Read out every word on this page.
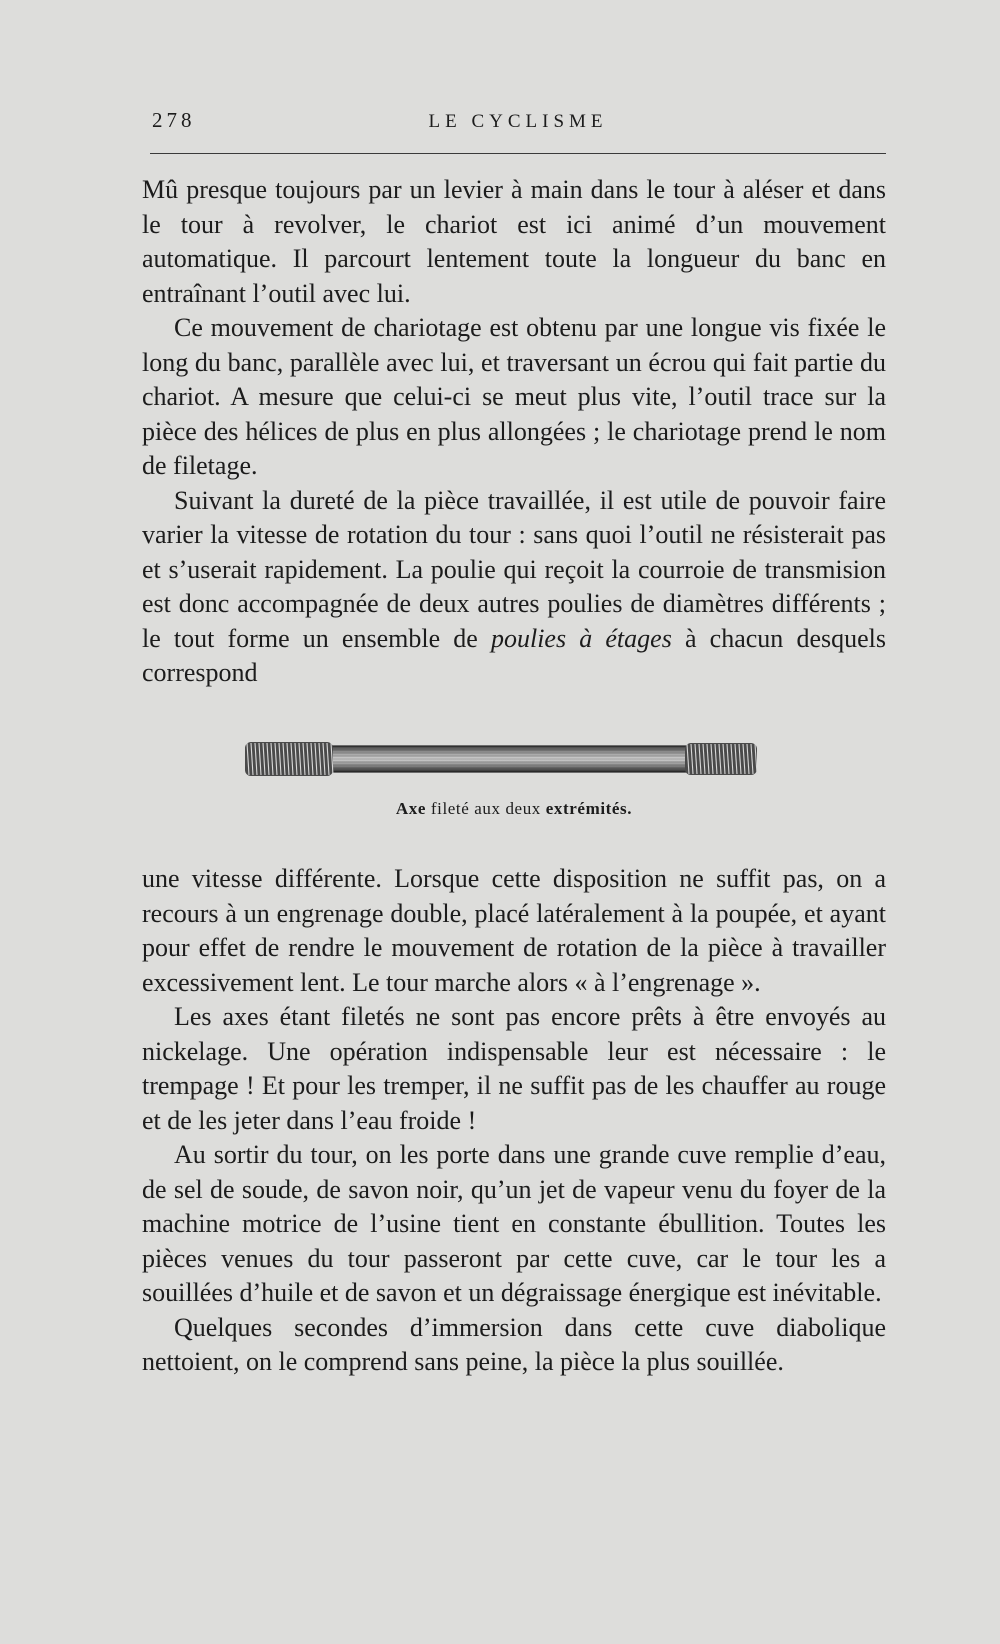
278	LE CYCLISME

Mû presque toujours par un levier à main dans le tour à aléser et dans le tour à revolver, le chariot est ici animé d’un mouvement automatique. Il parcourt lentement toute la longueur du banc en entraînant l’outil avec lui.

Ce mouvement de chariotage est obtenu par une longue vis fixée le long du banc, parallèle avec lui, et traversant un écrou qui fait partie du chariot. A mesure que celui-ci se meut plus vite, l’outil trace sur la pièce des hélices de plus en plus allongées ; le chariotage prend le nom de filetage.

Suivant la dureté de la pièce travaillée, il est utile de pouvoir faire varier la vitesse de rotation du tour : sans quoi l’outil ne résisterait pas et s’userait rapidement. La poulie qui reçoit la courroie de transmision est donc accompagnée de deux autres poulies de diamètres différents ; le tout forme un ensemble de poulies à étages à chacun desquels correspond

Axe fileté aux deux extrémités.

une vitesse différente. Lorsque cette disposition ne suffit pas, on a recours à un engrenage double, placé latéralement à la poupée, et ayant pour effet de rendre le mouvement de rotation de la pièce à travailler excessivement lent. Le tour marche alors « à l’engrenage ».

Les axes étant filetés ne sont pas encore prêts à être envoyés au nickelage. Une opération indispensable leur est nécessaire : le trempage ! Et pour les tremper, il ne suffit pas de les chauffer au rouge et de les jeter dans l’eau froide !

Au sortir du tour, on les porte dans une grande cuve remplie d’eau, de sel de soude, de savon noir, qu’un jet de vapeur venu du foyer de la machine motrice de l’usine tient en constante ébullition. Toutes les pièces venues du tour passeront par cette cuve, car le tour les a souillées d’huile et de savon et un dégraissage énergique est inévitable.

Quelques secondes d’immersion dans cette cuve diabolique nettoient, on le comprend sans peine, la pièce la plus souillée.
